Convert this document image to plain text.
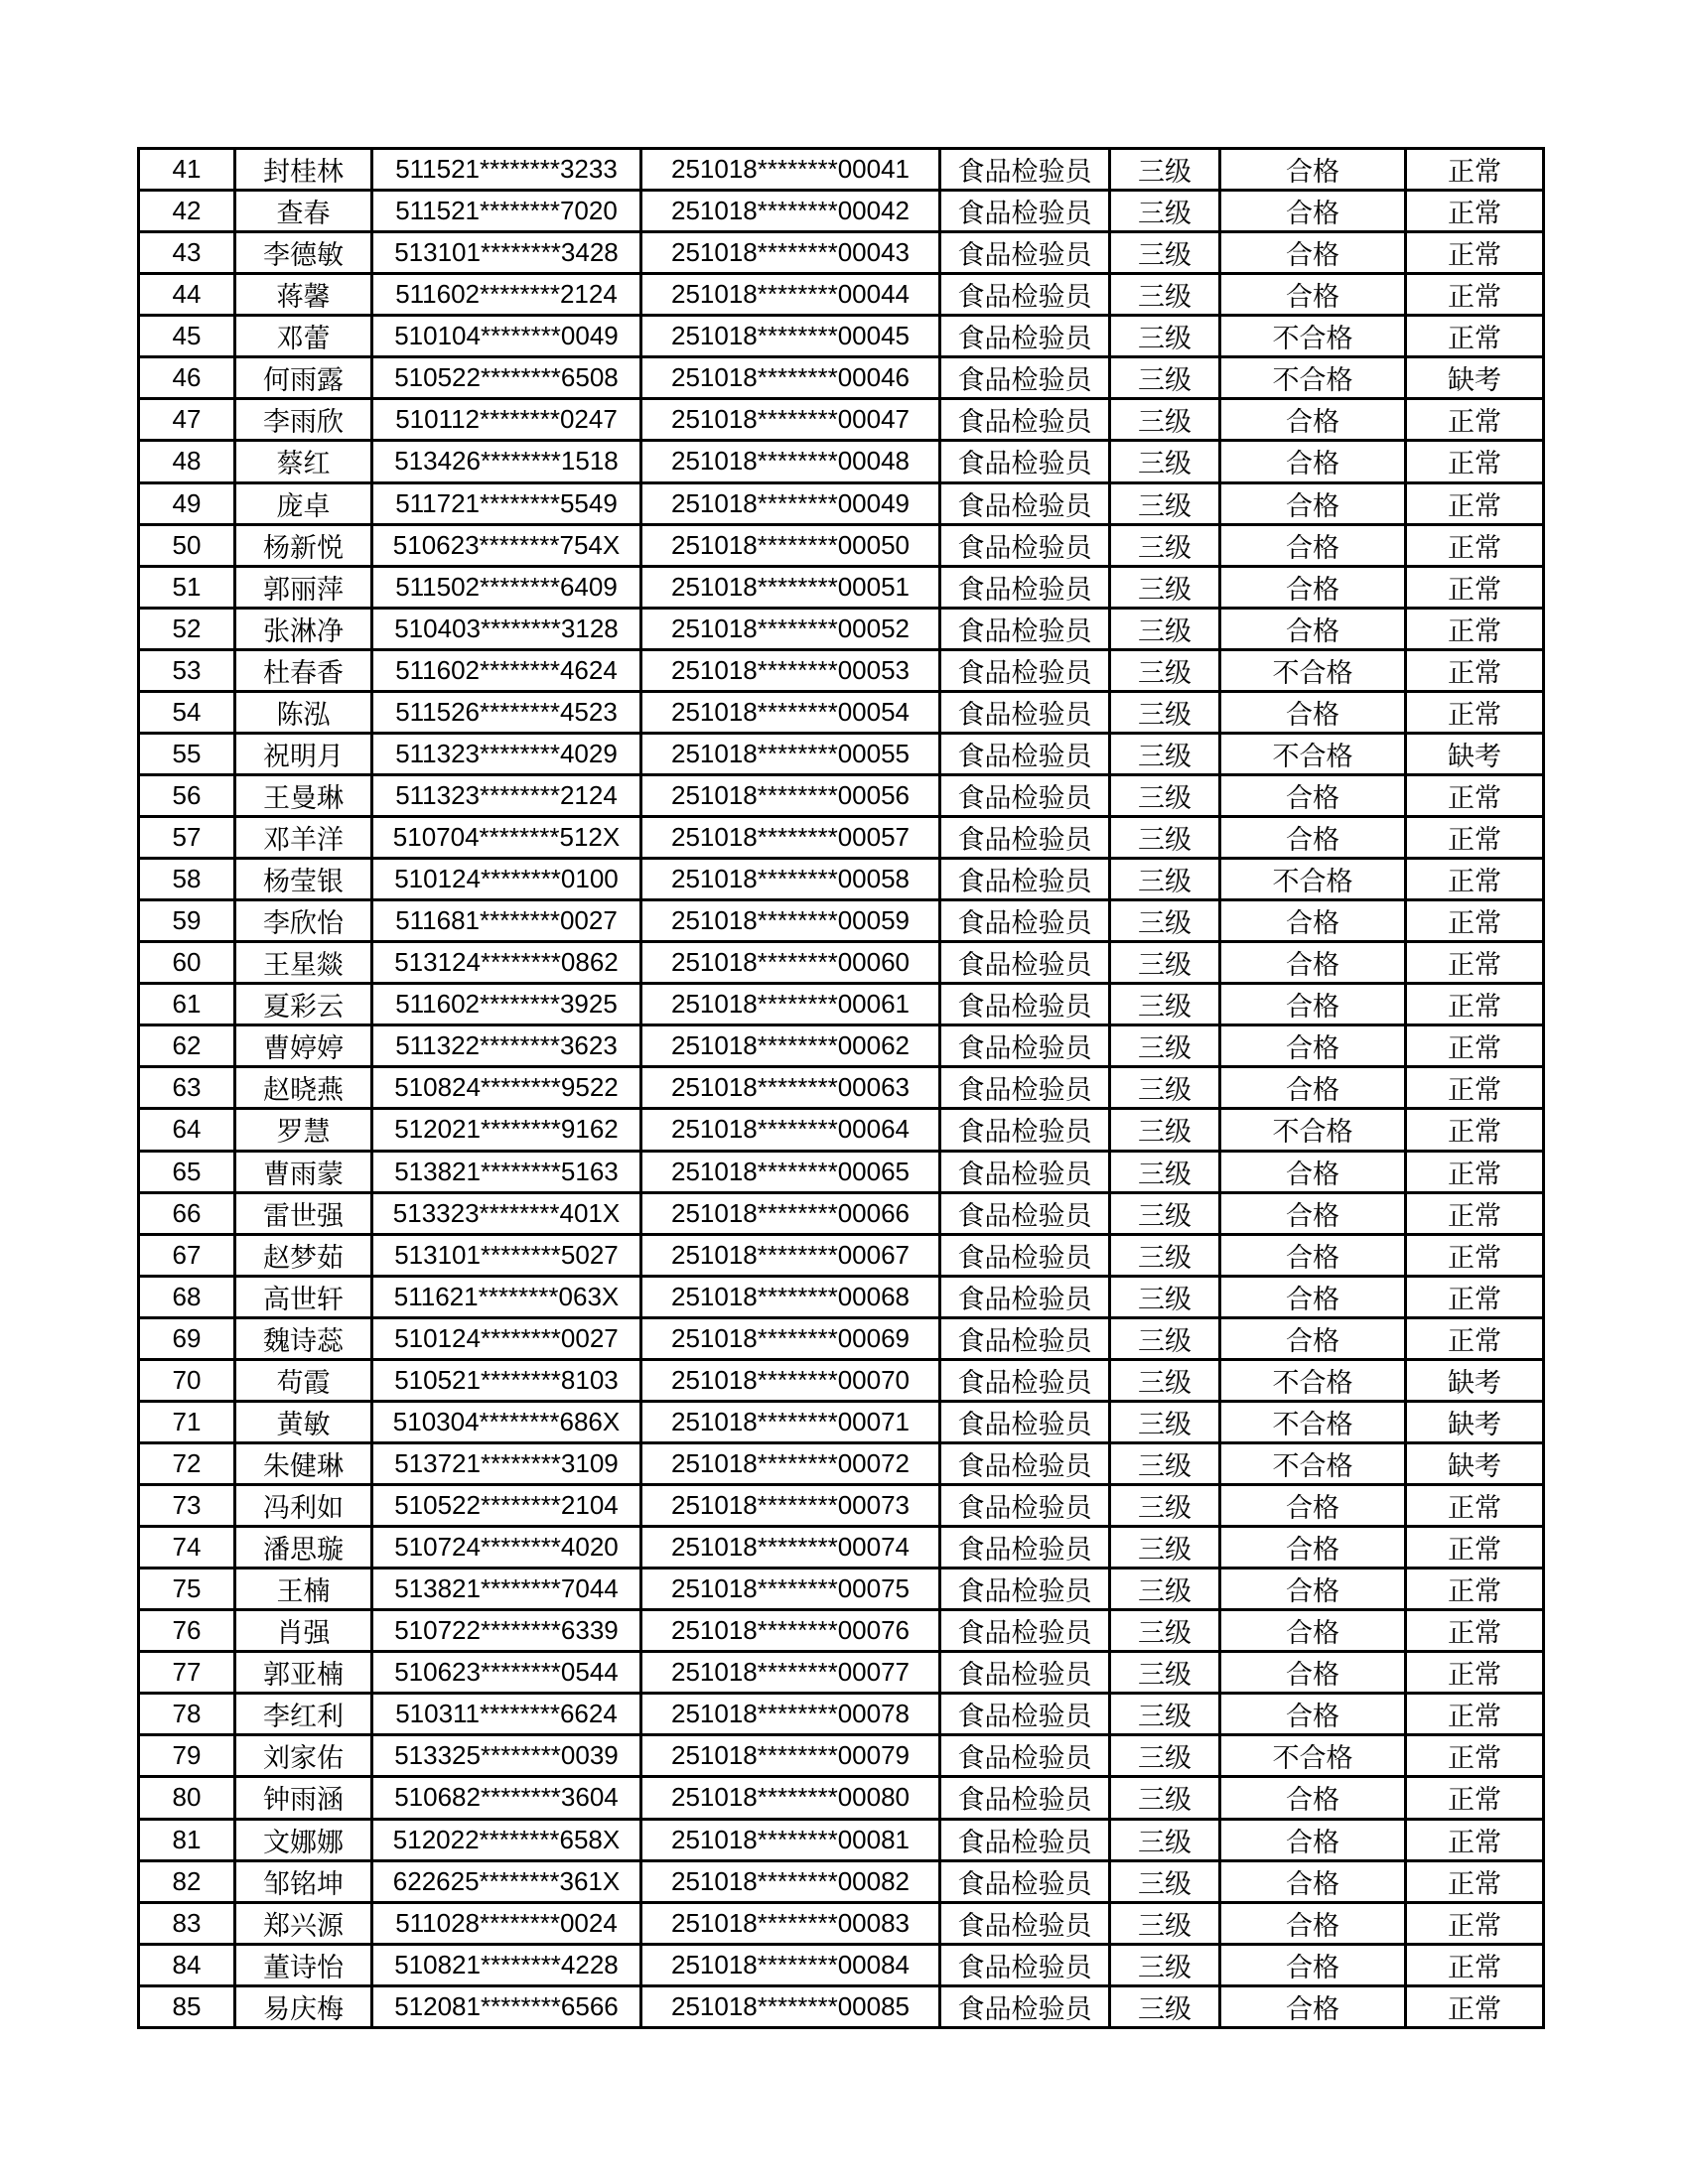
41	封桂林	511521********3233	251018********00041	食品检验员	三级	合格	正常
42	查春	511521********7020	251018********00042	食品检验员	三级	合格	正常
43	李德敏	513101********3428	251018********00043	食品检验员	三级	合格	正常
44	蒋馨	511602********2124	251018********00044	食品检验员	三级	合格	正常
45	邓蕾	510104********0049	251018********00045	食品检验员	三级	不合格	正常
46	何雨露	510522********6508	251018********00046	食品检验员	三级	不合格	缺考
47	李雨欣	510112********0247	251018********00047	食品检验员	三级	合格	正常
48	蔡红	513426********1518	251018********00048	食品检验员	三级	合格	正常
49	庞卓	511721********5549	251018********00049	食品检验员	三级	合格	正常
50	杨新悦	510623********754X	251018********00050	食品检验员	三级	合格	正常
51	郭丽萍	511502********6409	251018********00051	食品检验员	三级	合格	正常
52	张淋净	510403********3128	251018********00052	食品检验员	三级	合格	正常
53	杜春香	511602********4624	251018********00053	食品检验员	三级	不合格	正常
54	陈泓	511526********4523	251018********00054	食品检验员	三级	合格	正常
55	祝明月	511323********4029	251018********00055	食品检验员	三级	不合格	缺考
56	王曼琳	511323********2124	251018********00056	食品检验员	三级	合格	正常
57	邓羊洋	510704********512X	251018********00057	食品检验员	三级	合格	正常
58	杨莹银	510124********0100	251018********00058	食品检验员	三级	不合格	正常
59	李欣怡	511681********0027	251018********00059	食品检验员	三级	合格	正常
60	王星燚	513124********0862	251018********00060	食品检验员	三级	合格	正常
61	夏彩云	511602********3925	251018********00061	食品检验员	三级	合格	正常
62	曹婷婷	511322********3623	251018********00062	食品检验员	三级	合格	正常
63	赵晓燕	510824********9522	251018********00063	食品检验员	三级	合格	正常
64	罗慧	512021********9162	251018********00064	食品检验员	三级	不合格	正常
65	曹雨蒙	513821********5163	251018********00065	食品检验员	三级	合格	正常
66	雷世强	513323********401X	251018********00066	食品检验员	三级	合格	正常
67	赵梦茹	513101********5027	251018********00067	食品检验员	三级	合格	正常
68	高世轩	511621********063X	251018********00068	食品检验员	三级	合格	正常
69	魏诗蕊	510124********0027	251018********00069	食品检验员	三级	合格	正常
70	苟霞	510521********8103	251018********00070	食品检验员	三级	不合格	缺考
71	黄敏	510304********686X	251018********00071	食品检验员	三级	不合格	缺考
72	朱健琳	513721********3109	251018********00072	食品检验员	三级	不合格	缺考
73	冯利如	510522********2104	251018********00073	食品检验员	三级	合格	正常
74	潘思璇	510724********4020	251018********00074	食品检验员	三级	合格	正常
75	王楠	513821********7044	251018********00075	食品检验员	三级	合格	正常
76	肖强	510722********6339	251018********00076	食品检验员	三级	合格	正常
77	郭亚楠	510623********0544	251018********00077	食品检验员	三级	合格	正常
78	李红利	510311********6624	251018********00078	食品检验员	三级	合格	正常
79	刘家佑	513325********0039	251018********00079	食品检验员	三级	不合格	正常
80	钟雨涵	510682********3604	251018********00080	食品检验员	三级	合格	正常
81	文娜娜	512022********658X	251018********00081	食品检验员	三级	合格	正常
82	邹铭坤	622625********361X	251018********00082	食品检验员	三级	合格	正常
83	郑兴源	511028********0024	251018********00083	食品检验员	三级	合格	正常
84	董诗怡	510821********4228	251018********00084	食品检验员	三级	合格	正常
85	易庆梅	512081********6566	251018********00085	食品检验员	三级	合格	正常
